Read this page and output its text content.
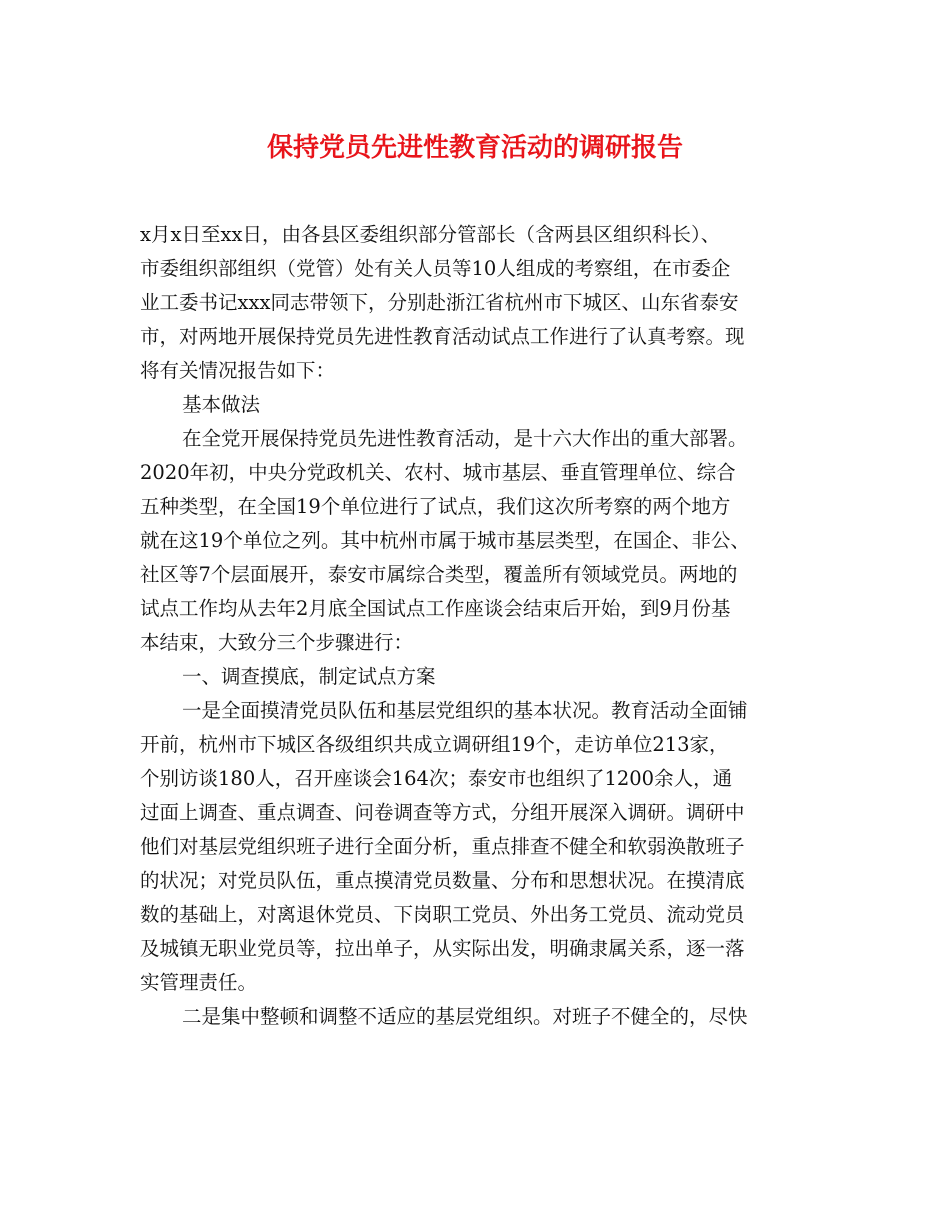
保持党员先进性教育活动的调研报告

x月x日至xx日，由各县区委组织部分管部长（含两县区组织科长）、

市委组织部组织（党管）处有关人员等10人组成的考察组，在市委企

业工委书记xxx同志带领下，分别赴浙江省杭州市下城区、山东省泰安

市，对两地开展保持党员先进性教育活动试点工作进行了认真考察。现

将有关情况报告如下：

基本做法

在全党开展保持党员先进性教育活动，是十六大作出的重大部署。

2020年初，中央分党政机关、农村、城市基层、垂直管理单位、综合

五种类型，在全国19个单位进行了试点，我们这次所考察的两个地方

就在这19个单位之列。其中杭州市属于城市基层类型，在国企、非公、

社区等7个层面展开，泰安市属综合类型，覆盖所有领域党员。两地的

试点工作均从去年2月底全国试点工作座谈会结束后开始，到9月份基

本结束，大致分三个步骤进行：

一、调查摸底，制定试点方案

一是全面摸清党员队伍和基层党组织的基本状况。教育活动全面铺

开前，杭州市下城区各级组织共成立调研组19个，走访单位213家，

个别访谈180人，召开座谈会164次；泰安市也组织了1200余人，通

过面上调查、重点调查、问卷调查等方式，分组开展深入调研。调研中

他们对基层党组织班子进行全面分析，重点排查不健全和软弱涣散班子

的状况；对党员队伍，重点摸清党员数量、分布和思想状况。在摸清底

数的基础上，对离退休党员、下岗职工党员、外出务工党员、流动党员

及城镇无职业党员等，拉出单子，从实际出发，明确隶属关系，逐一落

实管理责任。

二是集中整顿和调整不适应的基层党组织。对班子不健全的，尽快
